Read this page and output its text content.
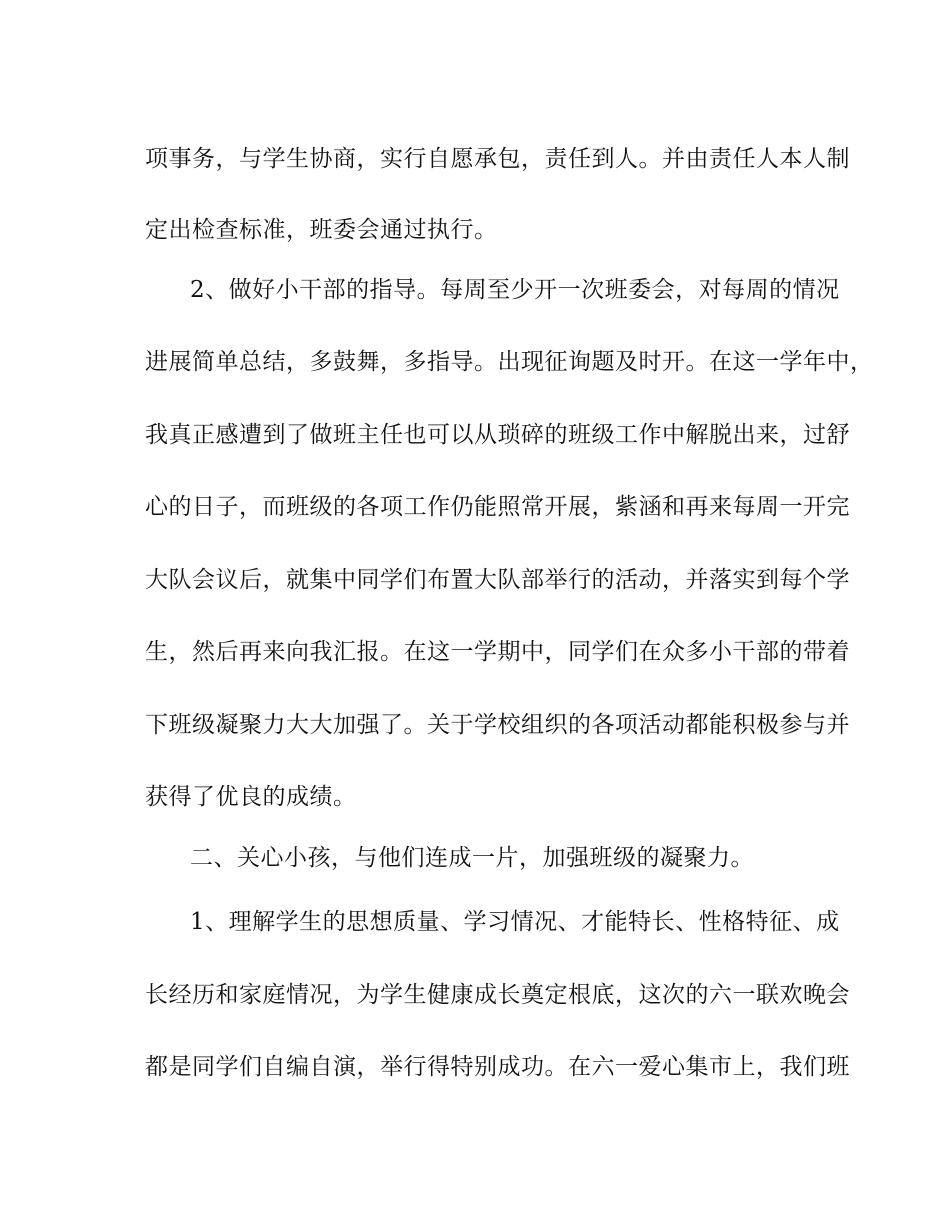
项事务，与学生协商，实行自愿承包，责任到人。并由责任人本人制
定出检查标准，班委会通过执行。
2、做好小干部的指导。每周至少开一次班委会，对每周的情况
进展简单总结，多鼓舞，多指导。出现征询题及时开。在这一学年中，
我真正感遭到了做班主任也可以从琐碎的班级工作中解脱出来，过舒
心的日子，而班级的各项工作仍能照常开展，紫涵和再来每周一开完
大队会议后，就集中同学们布置大队部举行的活动，并落实到每个学
生，然后再来向我汇报。在这一学期中，同学们在众多小干部的带着
下班级凝聚力大大加强了。关于学校组织的各项活动都能积极参与并
获得了优良的成绩。
二、关心小孩，与他们连成一片，加强班级的凝聚力。
1、理解学生的思想质量、学习情况、才能特长、性格特征、成
长经历和家庭情况，为学生健康成长奠定根底，这次的六一联欢晚会
都是同学们自编自演，举行得特别成功。在六一爱心集市上，我们班
